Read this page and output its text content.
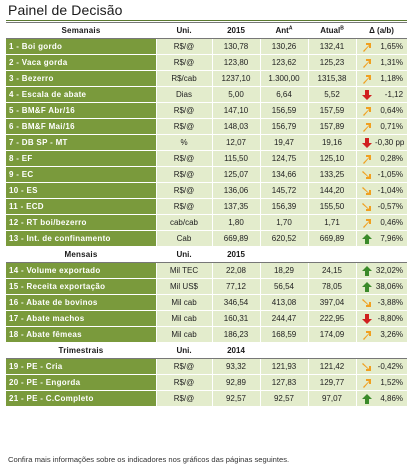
Painel de Decisão
Semanais	Uni.	2015	Ant$^A$	Atual$^B$	Δ (a/b)	
1 - Boi gordo	R$/@	130,78	130,26	132,41		1,65%
2 - Vaca gorda	R$/@	123,80	123,62	125,23		1,31%
3 - Bezerro	R$/cab	1237,10	1.300,00	1315,38		1,18%
4 - Escala de abate	Dias	5,00	6,64	5,52		-1,12
5 - BM&F Abr/16	R$/@	147,10	156,59	157,59		0,64%
6 - BM&F Mai/16	R$/@	148,03	156,79	157,89		0,71%
7 - DB SP - MT	%	12,07	19,47	19,16		-0,30 pp
8 - EF	R$/@	115,50	124,75	125,10		0,28%
9 - EC	R$/@	125,07	134,66	133,25		-1,05%
10 - ES	R$/@	136,06	145,72	144,20		-1,04%
11 - ECD	R$/@	137,35	156,39	155,50		-0,57%
12 - RT boi/bezerro	cab/cab	1,80	1,70	1,71		0,46%
13 - Int. de confinamento	Cab	669,89	620,52	669,89		7,96%
Mensais	Uni.	2015				
14 - Volume exportado	Mil TEC	22,08	18,29	24,15		32,02%
15 - Receita exportação	Mil US$	77,12	56,54	78,05		38,06%
16 - Abate de bovinos	Mil cab	346,54	413,08	397,04		-3,88%
17 - Abate machos	Mil cab	160,31	244,47	222,95		-8,80%
18 - Abate fêmeas	Mil cab	186,23	168,59	174,09		3,26%
Trimestrais	Uni.	2014				
19 - PE - Cria	R$/@	93,32	121,93	121,42		-0,42%
20 - PE - Engorda	R$/@	92,89	127,83	129,77		1,52%
21 - PE - C.Completo	R$/@	92,57	92,57	97,07		4,86%
Confira mais informações sobre os indicadores nos gráficos das páginas seguintes.
